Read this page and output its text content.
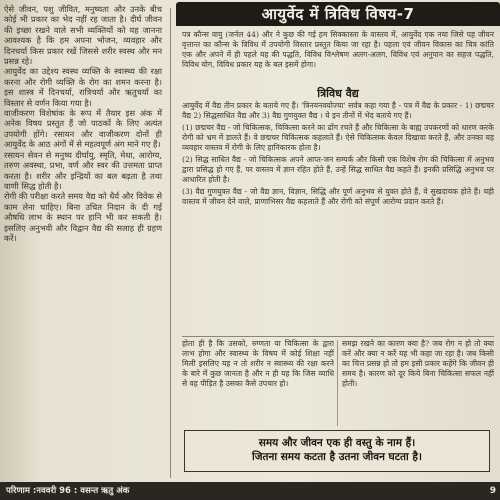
ऐसे जीवन, पशु जीवित, मनुष्यता और उनके बीच कोई भी प्रकार का भेद नहीं रह जाता है। दीर्घ जीवन की इच्छा रखने वाले सभी व्यक्तियों को यह जानना आवश्यक है कि हम अपना भोजन, व्यवहार और दिनचर्या किस प्रकार रखें जिससे शरीर स्वस्थ और मन प्रसन्न रहे।

आयुर्वेद का उद्देश्य स्वस्थ व्यक्ति के स्वास्थ्य की रक्षा करना और रोगी व्यक्ति के रोग का शमन करना है। इस शास्त्र में दिनचर्या, रात्रिचर्या और ऋतुचर्या का विस्तार से वर्णन किया गया है।

वाजीकरण विशेषांक के रूप में तैयार इस अंक में अनेक विषय प्रस्तुत हैं जो पाठकों के लिए अत्यंत उपयोगी होंगे। रसायन और वाजीकरण दोनों ही आयुर्वेद के आठ अंगों में से महत्वपूर्ण अंग माने गए हैं।

रसायन सेवन से मनुष्य दीर्घायु, स्मृति, मेधा, आरोग्य, तरुण अवस्था, प्रभा, वर्ण और स्वर की उत्तमता प्राप्त करता है। शरीर और इन्द्रियों का बल बढ़ता है तथा वाणी सिद्ध होती है।

रोगी की परीक्षा करते समय वैद्य को धैर्य और विवेक से काम लेना चाहिए। बिना उचित निदान के दी गई औषधि लाभ के स्थान पर हानि भी कर सकती है। इसलिए अनुभवी और विद्वान वैद्य की सलाह ही ग्रहण करें।

आयुर्वेद में त्रिविध विषय-7
पत्र कौन्स वायु (जर्नल 44) और ने कुछ की गई हम सिक्कास्ता के वास्तव में, आयुर्वेद एक नया जिसे पह जीवन वृत्तान्त का कौन्स के त्रिविध में उपयोगी विस्तार प्रस्तुत किया जा रहा है। पहला एवं जीवन विकास का चित्र कांति एक और अपने में ही पहले यह की पद्धति, विविध विश्लेषण अलग-अलग, विविध एवं अनुपान का सहज पद्धति, विविध योग, विविध प्रकार यह के बल इसमें होगा।
त्रिविध वैद्य

आयुर्वेद में वैद्य तीन प्रकार के बताये गए हैं। 'त्रिनयनवयोज्या' सर्वत्र कहा गया है - पत्र में वैद्य के प्रकार - 1) छद्मचर वैद्य 2) सिद्धसाधित वैद्य और 3) वैद्य गुणयुक्त वैद्य । ये इन तीनों में भेद बताये गए हैं।

(1) छद्मचर वैद्य - जो चिकित्सक, चिकित्सा करने का ढोंग रचते हैं और चिकित्सा के बाह्य उपकरणों को धारण करके रोगी को भ्रम में डालते हैं। वे छद्मचर चिकित्सक कहलाते हैं। ऐसे चिकित्सक केवल दिखावा करते हैं, और उनका यह व्यवहार वास्तव में रोगी के लिए हानिकारक होता है।

(2) सिद्ध साधित वैद्य - जो चिकित्सक अपने आप्त-जन सम्पर्क और किसी एक विशेष रोग की चिकित्सा में अनुभव द्वारा प्रसिद्ध हो गए हैं, पर वास्तव में ज्ञान रहित होते हैं, उन्हें सिद्ध साधित वैद्य कहते हैं। इनकी प्रसिद्धि अनुभव पर आधारित होती है।

(3) वैद्य गुणयुक्त वैद्य - जो वैद्य ज्ञान, विज्ञान, सिद्धि और पूर्ण अनुभव से युक्त होते हैं, वे सुखदायक होते हैं। यही वास्तव में जीवन देने वाले, प्राणाभिसर वैद्य कहलाते हैं और रोगी को संपूर्ण आरोग्य प्रदान करते हैं।

होता ही है कि उसको, रुग्णता या चिकित्सा के द्वारा लाभ होगा और स्वास्थ्य के विषय में कोई शिक्षा नहीं मिली इसलिए यह न तो शरीर न स्वास्थ्य की रक्षा करने के बारे में कुछ जानता है और न ही यह कि जिस व्याधि से वह पीड़ित है उसका कैसे उपचार हो।
समझ रखने का कारण क्या है? जब रोग न हो तो क्या करें और क्या न करें यह भी कहा जा रहा है। जब किसी का चित्त प्रसन्न हो तो हम इसी प्रकार कहेंगे कि जीवन ही समय है। कारण को दूर किये बिना चिकित्सा सफल नहीं होती।
समय और जीवन एक ही वस्तु के नाम हैं।
जितना समय कटता है उतना जीवन घटता है।
परिणाम :नववरी 96 : वसन्त ऋतु अंक	9
